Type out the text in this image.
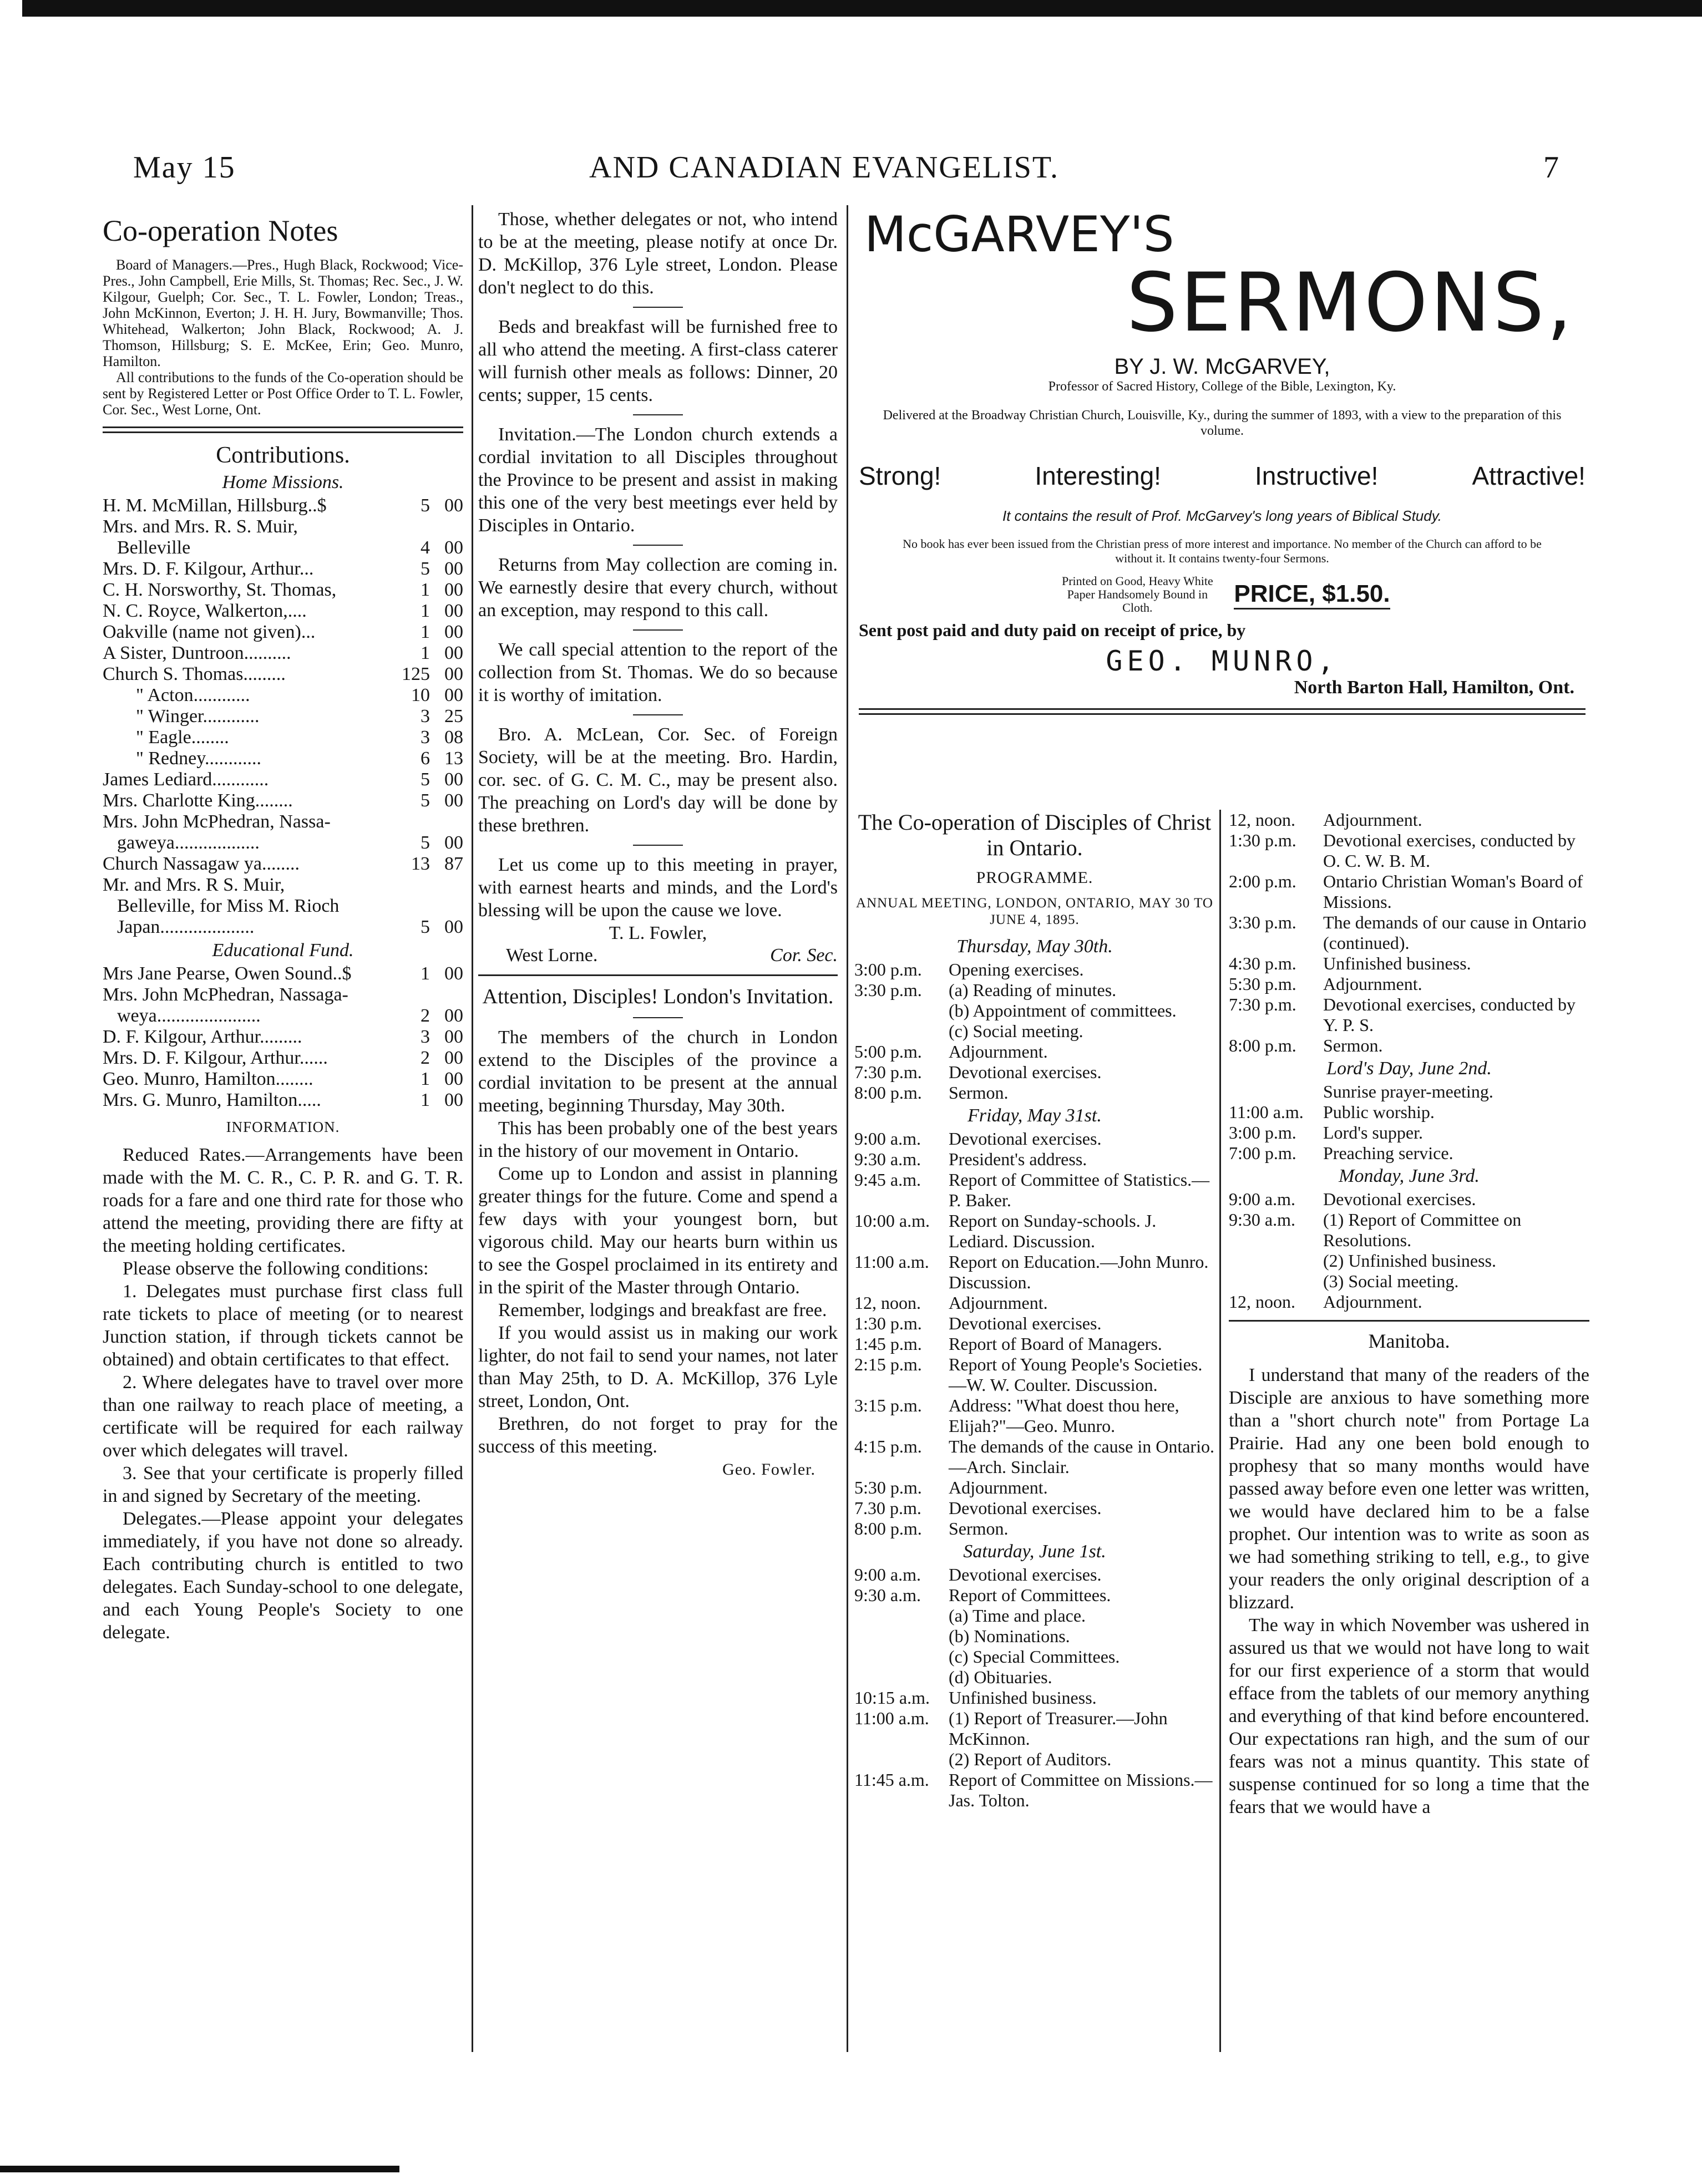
May 15	AND CANADIAN EVANGELIST.	7
Co-operation Notes

Board of Managers.—Pres., Hugh Black, Rockwood; Vice-Pres., John Campbell, Erie Mills, St. Thomas; Rec. Sec., J. W. Kilgour, Guelph; Cor. Sec., T. L. Fowler, London; Treas., John McKinnon, Everton; J. H. H. Jury, Bowmanville; Thos. Whitehead, Walkerton; John Black, Rockwood; A. J. Thomson, Hillsburg; S. E. McKee, Erin; Geo. Munro, Hamilton.

All contributions to the funds of the Co-operation should be sent by Registered Letter or Post Office Order to T. L. Fowler, Cor. Sec., West Lorne, Ont.

Contributions.
Home Missions.
H. M. McMillan, Hillsburg..$	5 00
Mrs. and Mrs. R. S. Muir,
Belleville	4 00
Mrs. D. F. Kilgour, Arthur...	5 00
C. H. Norsworthy, St. Thomas,	1 00
N. C. Royce, Walkerton,....	1 00
Oakville (name not given)...	1 00
A Sister, Duntroon..........	1 00
Church S. Thomas.........	125 00
" Acton............	10 00
" Winger............	3 25
" Eagle........	3 08
" Redney............	6 13
James Lediard............	5 00
Mrs. Charlotte King........	5 00
Mrs. John McPhedran, Nassa-
gaweya..................	5 00
Church Nassagaw ya........	13 87
Mr. and Mrs. R S. Muir,
Belleville, for Miss M. Rioch
Japan....................	5 00
Educational Fund.
Mrs Jane Pearse, Owen Sound..$	1 00
Mrs. John McPhedran, Nassaga-
weya......................	2 00
D. F. Kilgour, Arthur.........	3 00
Mrs. D. F. Kilgour, Arthur......	2 00
Geo. Munro, Hamilton........	1 00
Mrs. G. Munro, Hamilton.....	1 00
INFORMATION.

Reduced Rates.—Arrangements have been made with the M. C. R., C. P. R. and G. T. R. roads for a fare and one third rate for those who attend the meeting, providing there are fifty at the meeting holding certificates.

Please observe the following conditions:

1. Delegates must purchase first class full rate tickets to place of meeting (or to nearest Junction station, if through tickets cannot be obtained) and obtain certificates to that effect.

2. Where delegates have to travel over more than one railway to reach place of meeting, a certificate will be required for each railway over which delegates will travel.

3. See that your certificate is properly filled in and signed by Secretary of the meeting.

Delegates.—Please appoint your delegates immediately, if you have not done so already. Each contributing church is entitled to two delegates. Each Sunday-school to one delegate, and each Young People's Society to one delegate.

Those, whether delegates or not, who intend to be at the meeting, please notify at once Dr. D. McKillop, 376 Lyle street, London. Please don't neglect to do this.

Beds and breakfast will be furnished free to all who attend the meeting. A first-class caterer will furnish other meals as follows: Dinner, 20 cents; supper, 15 cents.

Invitation.—The London church extends a cordial invitation to all Disciples throughout the Province to be present and assist in making this one of the very best meetings ever held by Disciples in Ontario.

Returns from May collection are coming in. We earnestly desire that every church, without an exception, may respond to this call.

We call special attention to the report of the collection from St. Thomas. We do so because it is worthy of imitation.

Bro. A. McLean, Cor. Sec. of Foreign Society, will be at the meeting. Bro. Hardin, cor. sec. of G. C. M. C., may be present also. The preaching on Lord's day will be done by these brethren.

Let us come up to this meeting in prayer, with earnest hearts and minds, and the Lord's blessing will be upon the cause we love.

T. L. Fowler,
West Lorne.	Cor. Sec.
Attention, Disciples! London's Invitation.

The members of the church in London extend to the Disciples of the province a cordial invitation to be present at the annual meeting, beginning Thursday, May 30th.

This has been probably one of the best years in the history of our movement in Ontario.

Come up to London and assist in planning greater things for the future. Come and spend a few days with your youngest born, but vigorous child. May our hearts burn within us to see the Gospel proclaimed in its entirety and in the spirit of the Master through Ontario.

Remember, lodgings and breakfast are free.

If you would assist us in making our work lighter, do not fail to send your names, not later than May 25th, to D. A. McKillop, 376 Lyle street, London, Ont.

Brethren, do not forget to pray for the success of this meeting.

Geo. Fowler.
McGARVEY'S
SERMONS,
BY J. W. McGARVEY,
Professor of Sacred History, College of the Bible, Lexington, Ky.
Delivered at the Broadway Christian Church, Louisville, Ky., during the summer of 1893, with a view to the preparation of this volume.
Strong!	Interesting!	Instructive!	Attractive!
It contains the result of Prof. McGarvey's long years of Biblical Study.
No book has ever been issued from the Christian press of more interest and importance. No member of the Church can afford to be without it. It contains twenty-four Sermons.
Printed on Good, Heavy White Paper Handsomely Bound in Cloth.
PRICE, $1.50.
Sent post paid and duty paid on receipt of price, by
GEO. MUNRO,
North Barton Hall, Hamilton, Ont.
The Co-operation of Disciples of Christ in Ontario.
PROGRAMME.
ANNUAL MEETING, LONDON, ONTARIO, MAY 30 TO JUNE 4, 1895.
Thursday, May 30th.
3:00 p.m.	Opening exercises.
3:30 p.m.	(a) Reading of minutes.
(b) Appointment of committees.
(c) Social meeting.
5:00 p.m.	Adjournment.
7:30 p.m.	Devotional exercises.
8:00 p.m.	Sermon.
Friday, May 31st.
9:00 a.m.	Devotional exercises.
9:30 a.m.	President's address.
9:45 a.m.	Report of Committee of Statistics.—P. Baker.
10:00 a.m.	Report on Sunday-schools. J. Lediard. Discussion.
11:00 a.m.	Report on Education.—John Munro. Discussion.
12, noon.	Adjournment.
1:30 p.m.	Devotional exercises.
1:45 p.m.	Report of Board of Managers.
2:15 p.m.	Report of Young People's Societies.—W. W. Coulter. Discussion.
3:15 p.m.	Address: "What doest thou here, Elijah?"—Geo. Munro.
4:15 p.m.	The demands of the cause in Ontario.—Arch. Sinclair.
5:30 p.m.	Adjournment.
7.30 p.m.	Devotional exercises.
8:00 p.m.	Sermon.
Saturday, June 1st.
9:00 a.m.	Devotional exercises.
9:30 a.m.	Report of Committees.
(a) Time and place.
(b) Nominations.
(c) Special Committees.
(d) Obituaries.
10:15 a.m.	Unfinished business.
11:00 a.m.	(1) Report of Treasurer.—John McKinnon.
(2) Report of Auditors.
11:45 a.m.	Report of Committee on Missions.—Jas. Tolton.
12, noon.	Adjournment.
1:30 p.m.	Devotional exercises, conducted by O. C. W. B. M.
2:00 p.m.	Ontario Christian Woman's Board of Missions.
3:30 p.m.	The demands of our cause in Ontario (continued).
4:30 p.m.	Unfinished business.
5:30 p.m.	Adjournment.
7:30 p.m.	Devotional exercises, conducted by Y. P. S.
8:00 p.m.	Sermon.
Lord's Day, June 2nd.
Sunrise prayer-meeting.
11:00 a.m.	Public worship.
3:00 p.m.	Lord's supper.
7:00 p.m.	Preaching service.
Monday, June 3rd.
9:00 a.m.	Devotional exercises.
9:30 a.m.	(1) Report of Committee on Resolutions.
(2) Unfinished business.
(3) Social meeting.
12, noon.	Adjournment.
Manitoba.

I understand that many of the readers of the Disciple are anxious to have something more than a "short church note" from Portage La Prairie. Had any one been bold enough to prophesy that so many months would have passed away before even one letter was written, we would have declared him to be a false prophet. Our intention was to write as soon as we had something striking to tell, e.g., to give your readers the only original description of a blizzard.

The way in which November was ushered in assured us that we would not have long to wait for our first experience of a storm that would efface from the tablets of our memory anything and everything of that kind before encountered. Our expectations ran high, and the sum of our fears was not a minus quantity. This state of suspense continued for so long a time that the fears that we would have a
